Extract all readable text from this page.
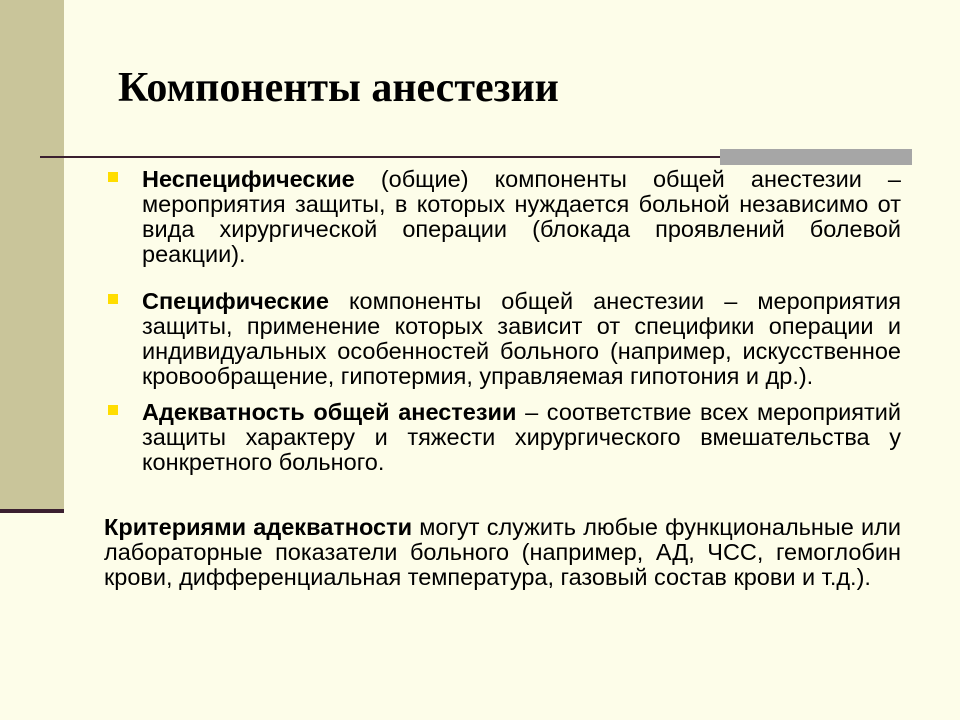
Компоненты анестезии
Неспецифические (общие) компоненты общей анестезии – мероприятия защиты, в которых нуждается больной независимо от вида хирургической операции (блокада проявлений болевой реакции).
Специфические компоненты общей анестезии – мероприятия защиты, применение которых зависит от специфики операции и индивидуальных особенностей больного (например, искусственное кровообращение, гипотермия, управляемая гипотония и др.).
Адекватность общей анестезии – соответствие всех мероприятий защиты характеру и тяжести хирургического вмешательства у конкретного больного.

Критериями адекватности могут служить любые функциональные или лабораторные показатели больного (например, АД, ЧСС, гемоглобин крови, дифференциальная температура, газовый состав крови и т.д.).
